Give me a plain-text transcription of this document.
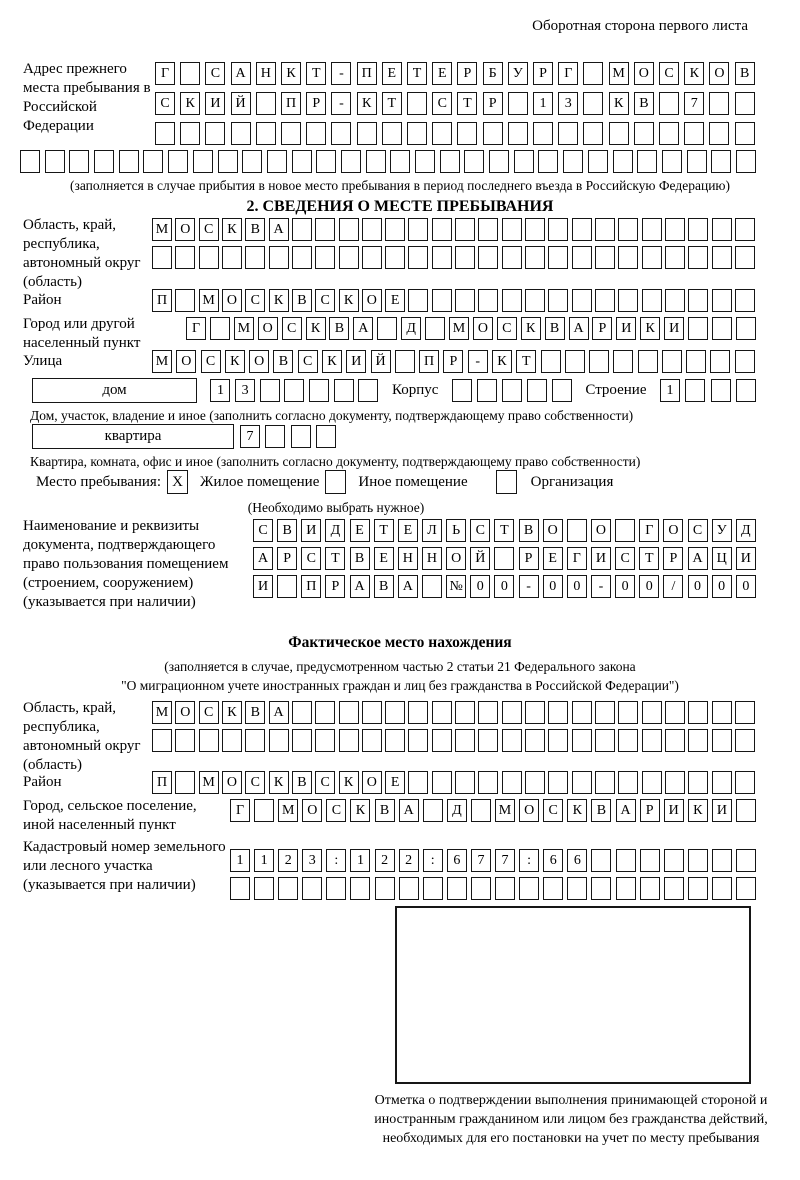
Оборотная сторона первого листа
Адрес прежнего места пребывания в Российской Федерации
Г	С	А	Н	К	Т	-	П	Е	Т	Е	Р	Б	У	Р	Г	М О	С	К	О	В
С	К	И	Й	П	Р	-	К	Т	С	Т	Р	1	3	К	В	7
(заполняется в случае прибытия в новое место пребывания в период последнего въезда в Российскую Федерацию)
2. СВЕДЕНИЯ О МЕСТЕ ПРЕБЫВАНИЯ
Область, край, республика, автономный округ (область)
М О С К В А
Район	П	М О С К В С К О Е
Город или другой населенный пункт
Г	М О	С	К	В	А	Д	М О	С	К	В	А	Р	И	К	И
Улица	М О	С	К	О	В	С	К	И	Й	П	Р	-	К	Т
дом	1	3	Корпус	Строение	1
Дом, участок, владение и иное (заполнить согласно документу, подтверждающему право собственности)
квартира	7
Квартира, комната, офис и иное (заполнить согласно документу, подтверждающему право собственности)
Место пребывания: X	Жилое помещение	Иное помещение	Организация
(Необходимо выбрать нужное)
Наименование и реквизиты документа, подтверждающего право пользования помещением (строением, сооружением) (указывается при наличии)
С	В	И	Д	Е	Т	Е	Л	Ь	С	Т	В	О	О	Г	О	С	У	Д
А	Р	С	Т	В	Е	Н	Н	О	Й	Р	Е	Г	И	С	Т	Р	А	Ц	И
И	П	Р	А	В	А	№ 0	0	-	0	0	-	0	0	/	0	0	0
Фактическое место нахождения
(заполняется в случае, предусмотренном частью 2 статьи 21 Федерального закона
"О миграционном учете иностранных граждан и лиц без гражданства в Российской Федерации")
Область, край, республика, автономный округ (область)
М О С К В А
Район	П	М О С К В С К О Е
Город, сельское поселение, иной населенный пункт
Г	М О	С	К	В	А	Д	М О	С	К	В	А	Р	И	К	И
Кадастровый номер земельного или лесного участка (указывается при наличии)
1	1	2	3	:	1	2	2	:	6	7	7	:	6	6
Отметка о подтверждении выполнения принимающей стороной и иностранным гражданином или лицом без гражданства действий, необходимых для его постановки на учет по месту пребывания
